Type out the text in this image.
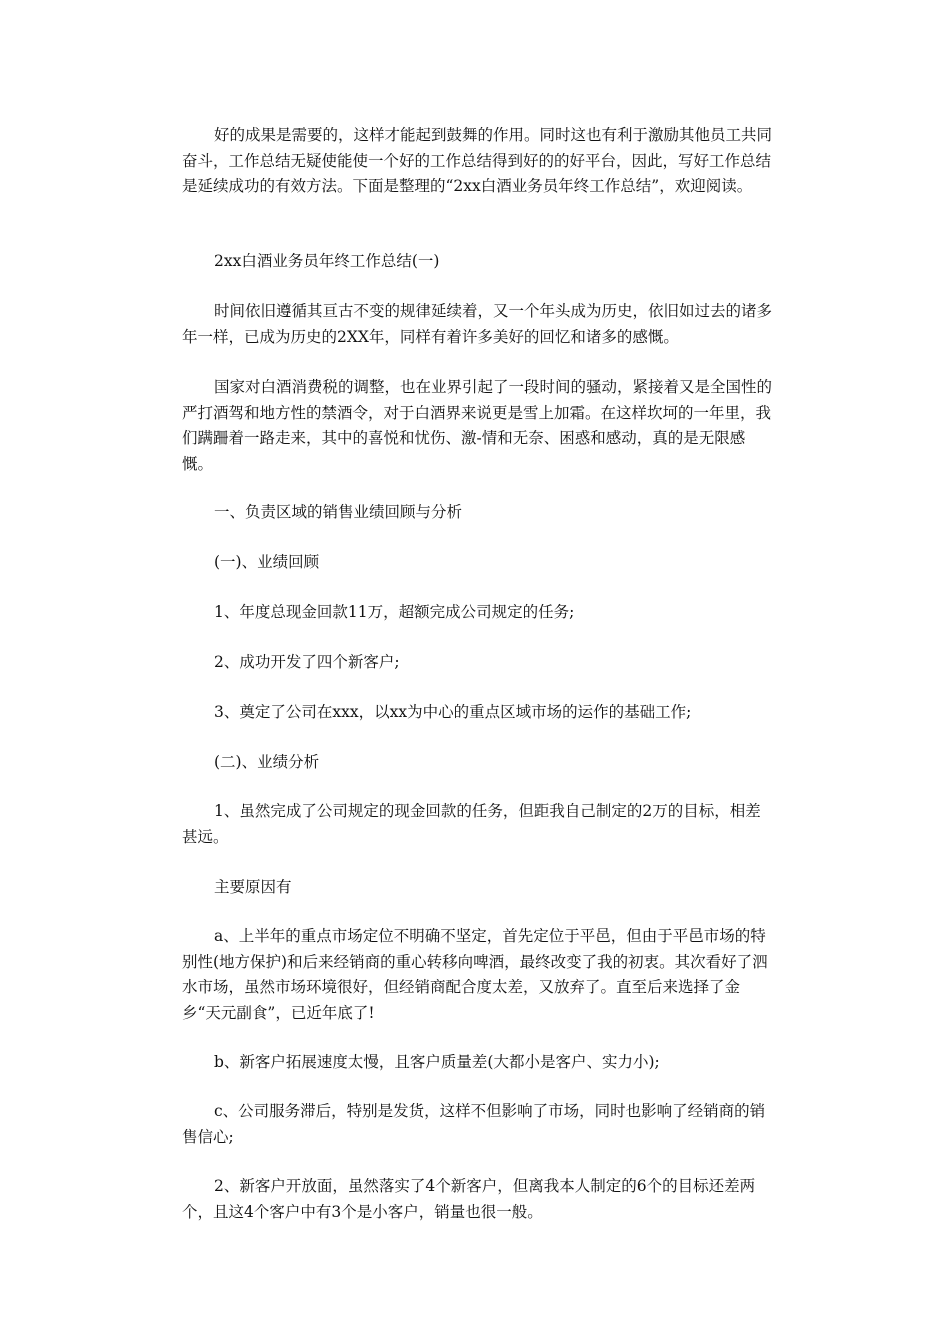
好的成果是需要的，这样才能起到鼓舞的作用。同时这也有利于激励其他员工共同奋斗，工作总结无疑使能使一个好的工作总结得到好的的好平台，因此，写好工作总结是延续成功的有效方法。下面是整理的“2xx白酒业务员年终工作总结”，欢迎阅读。

2xx白酒业务员年终工作总结(一)

时间依旧遵循其亘古不变的规律延续着，又一个年头成为历史，依旧如过去的诸多年一样，已成为历史的2XX年，同样有着许多美好的回忆和诸多的感慨。

国家对白酒消费税的调整，也在业界引起了一段时间的骚动，紧接着又是全国性的严打酒驾和地方性的禁酒令，对于白酒界来说更是雪上加霜。在这样坎坷的一年里，我们蹒跚着一路走来，其中的喜悦和忧伤、激-情和无奈、困惑和感动，真的是无限感慨。

一、负责区域的销售业绩回顾与分析

(一)、业绩回顾

1、年度总现金回款11万，超额完成公司规定的任务;

2、成功开发了四个新客户;

3、奠定了公司在xxx，以xx为中心的重点区域市场的运作的基础工作;

(二)、业绩分析

1、虽然完成了公司规定的现金回款的任务，但距我自己制定的2万的目标，相差甚远。

主要原因有

a、上半年的重点市场定位不明确不坚定，首先定位于平邑，但由于平邑市场的特别性(地方保护)和后来经销商的重心转移向啤酒，最终改变了我的初衷。其次看好了泗水市场，虽然市场环境很好，但经销商配合度太差，又放弃了。直至后来选择了金乡“天元副食”，已近年底了!

b、新客户拓展速度太慢，且客户质量差(大都小是客户、实力小);

c、公司服务滞后，特别是发货，这样不但影响了市场，同时也影响了经销商的销售信心;

2、新客户开放面，虽然落实了4个新客户，但离我本人制定的6个的目标还差两个，且这4个客户中有3个是小客户，销量也很一般。
